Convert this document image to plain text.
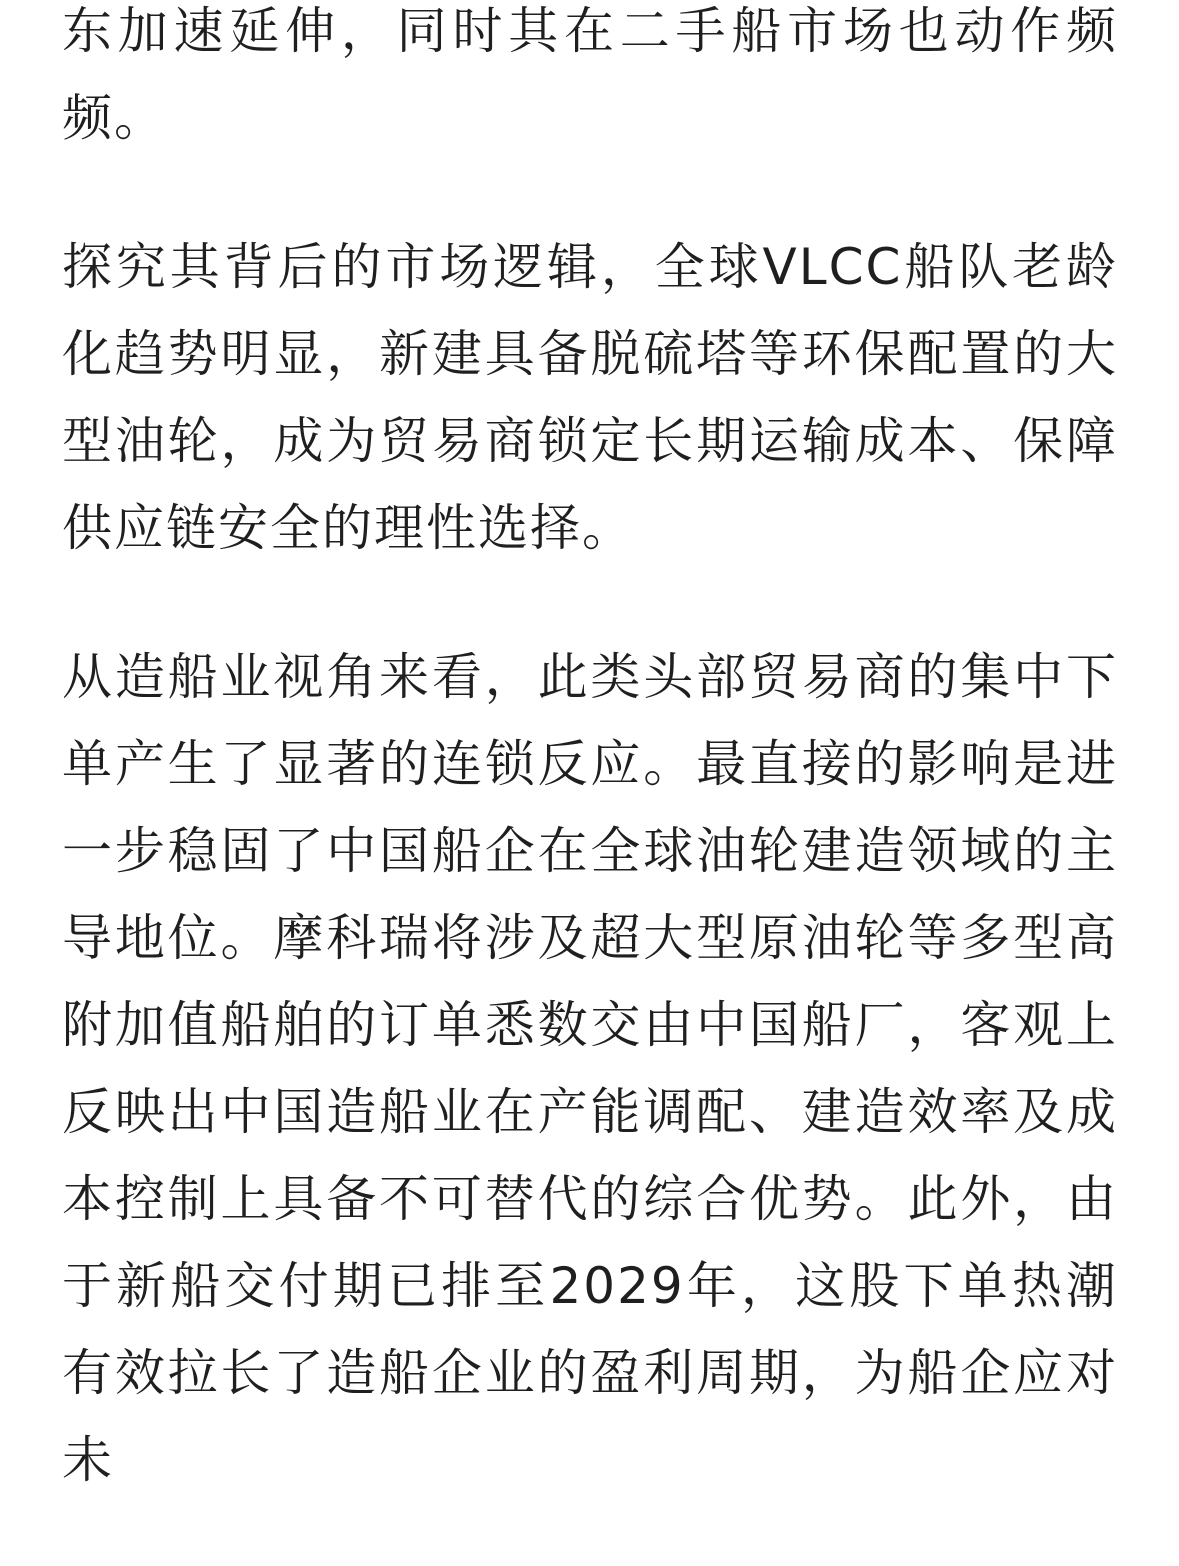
东加速延伸，同时其在二手船市场也动作频频。

探究其背后的市场逻辑，全球VLCC船队老龄化趋势明显，新建具备脱硫塔等环保配置的大型油轮，成为贸易商锁定长期运输成本、保障供应链安全的理性选择。

从造船业视角来看，此类头部贸易商的集中下单产生了显著的连锁反应。最直接的影响是进一步稳固了中国船企在全球油轮建造领域的主导地位。摩科瑞将涉及超大型原油轮等多型高附加值船舶的订单悉数交由中国船厂，客观上反映出中国造船业在产能调配、建造效率及成本控制上具备不可替代的综合优势。此外，由于新船交付期已排至2029年，这股下单热潮有效拉长了造船企业的盈利周期，为船企应对未
